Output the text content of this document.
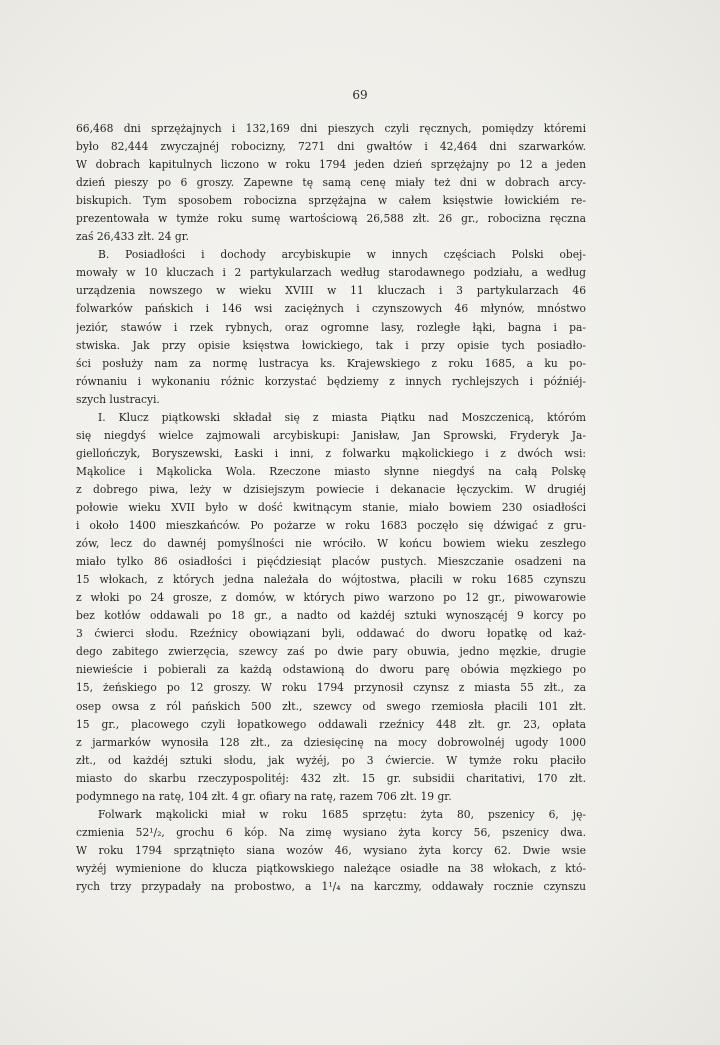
69
66,468 dni sprzężajnych i 132,169 dni pieszych czyli ręcznych, pomiędzy któremi
było 82,444 zwyczajnéj robocizny, 7271 dni gwałtów i 42,464 dni szarwarków.
W dobrach kapitulnych liczono w roku 1794 jeden dzień sprzężajny po 12 a jeden
dzień pieszy po 6 groszy. Zapewne tę samą cenę miały też dni w dobrach arcy-
biskupich. Tym sposobem robocizna sprzężajna w całem księstwie łowickiém re-
prezentowała w tymże roku sumę wartościową 26,588 złt. 26 gr., robocizna ręczna
zaś 26,433 złt. 24 gr.
B. Posiadłości i dochody arcybiskupie w innych częściach Polski obej-
mowały w 10 kluczach i 2 partykularzach według starodawnego podziału, a według
urządzenia nowszego w wieku XVIII w 11 kluczach i 3 partykularzach 46
folwarków pańskich i 146 wsi zaciężnych i czynszowych 46 młynów, mnóstwo
jeziór, stawów i rzek rybnych, oraz ogromne lasy, rozległe łąki, bagna i pa-
stwiska. Jak przy opisie księstwa łowickiego, tak i przy opisie tych posiadło-
ści posłuży nam za normę lustracya ks. Krajewskiego z roku 1685, a ku po-
równaniu i wykonaniu różnic korzystać będziemy z innych rychlejszych i późniéj-
szych lustracyi.
I. Klucz piątkowski składał się z miasta Piątku nad Moszczenicą, któróm
się niegdyś wielce zajmowali arcybiskupi: Janisław, Jan Sprowski, Fryderyk Ja-
giellończyk, Boryszewski, Łaski i inni, z folwarku mąkolickiego i z dwóch wsi:
Mąkolice i Mąkolicka Wola. Rzeczone miasto słynne niegdyś na całą Polskę
z dobrego piwa, leży w dzisiejszym powiecie i dekanacie łęczyckim. W drugiéj
połowie wieku XVII było w dość kwitnącym stanie, miało bowiem 230 osiadłości
i około 1400 mieszkańców. Po pożarze w roku 1683 poczęło się dźwigać z gru-
zów, lecz do dawnéj pomyślności nie wróciło. W końcu bowiem wieku zeszłego
miało tylko 86 osiadłości i pięćdziesiąt placów pustych. Mieszczanie osadzeni na
15 włokach, z których jedna należała do wójtostwa, płacili w roku 1685 czynszu
z włoki po 24 grosze, z domów, w których piwo warzono po 12 gr., piwowarowie
bez kotłów oddawali po 18 gr., a nadto od każdéj sztuki wynoszącéj 9 korcy po
3 ćwierci słodu. Rzeźnicy obowiązani byli, oddawać do dworu łopatkę od każ-
dego zabitego zwierzęcia, szewcy zaś po dwie pary obuwia, jedno męzkie, drugie
niewieście i pobierali za każdą odstawioną do dworu parę obówia męzkiego po
15, żeńskiego po 12 groszy. W roku 1794 przynosił czynsz z miasta 55 złt., za
osep owsa z ról pańskich 500 złt., szewcy od swego rzemiosła płacili 101 złt.
15 gr., placowego czyli łopatkowego oddawali rzeźnicy 448 złt. gr. 23, opłata
z jarmarków wynosiła 128 złt., za dziesięcinę na mocy dobrowolnéj ugody 1000
złt., od każdéj sztuki słodu, jak wyżéj, po 3 ćwiercie. W tymże roku płaciło
miasto do skarbu rzeczypospolitéj: 432 złt. 15 gr. subsidii charitativi, 170 złt.
podymnego na ratę, 104 złt. 4 gr. ofiary na ratę, razem 706 złt. 19 gr.
Folwark mąkolicki miał w roku 1685 sprzętu: żyta 80, pszenicy 6, ję-
czmienia 52¹/₂, grochu 6 kóp. Na zimę wysiano żyta korcy 56, pszenicy dwa.
W roku 1794 sprzątnięto siana wozów 46, wysiano żyta korcy 62. Dwie wsie
wyżéj wymienione do klucza piątkowskiego należące osiadłe na 38 włokach, z któ-
rych trzy przypadały na probostwo, a 1¹/₄ na karczmy, oddawały rocznie czynszu
